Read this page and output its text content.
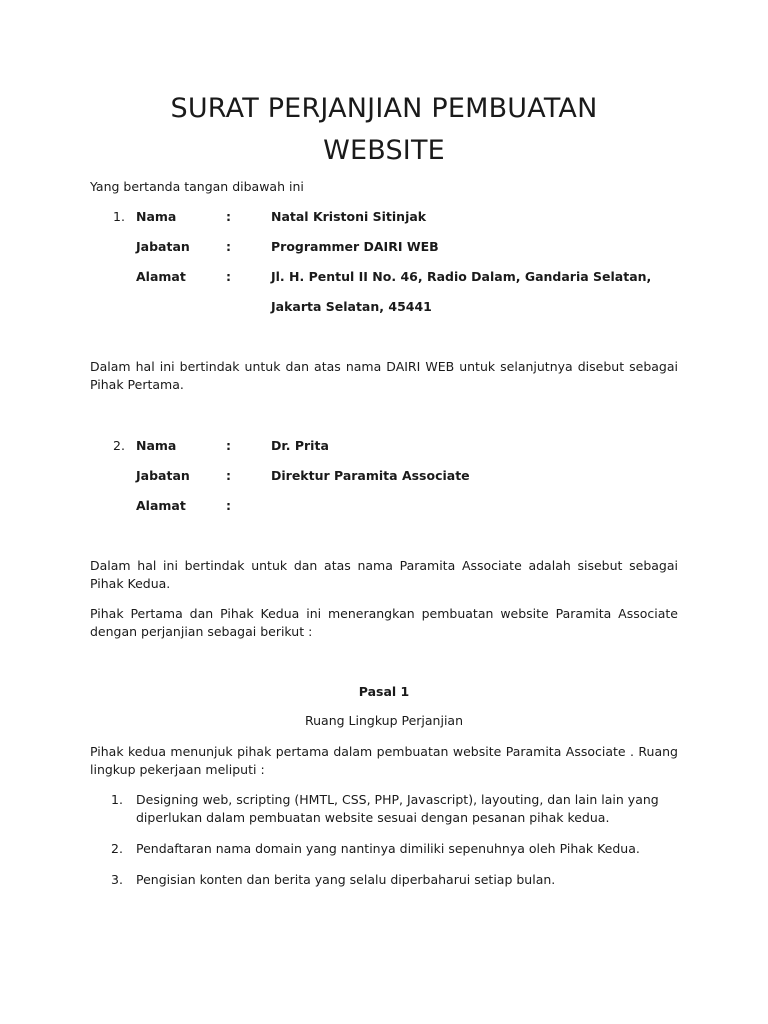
SURAT PERJANJIAN PEMBUATAN
WEBSITE
Yang bertanda tangan dibawah ini
1. Nama	:	Natal Kristoni Sitinjak
Jabatan	:	Programmer DAIRI WEB
Alamat	:	Jl. H. Pentul II No. 46, Radio Dalam, Gandaria Selatan,
Jakarta Selatan, 45441
Dalam hal ini bertindak untuk dan atas nama DAIRI WEB untuk selanjutnya disebut sebagai Pihak Pertama.
2. Nama	:	Dr. Prita
Jabatan	:	Direktur Paramita Associate
Alamat	:
Dalam hal ini bertindak untuk dan atas nama Paramita Associate adalah sisebut sebagai Pihak Kedua.
Pihak Pertama dan Pihak Kedua ini menerangkan pembuatan website Paramita Associate dengan perjanjian sebagai berikut :
Pasal 1
Ruang Lingkup Perjanjian
Pihak kedua menunjuk pihak pertama dalam pembuatan website Paramita Associate . Ruang lingkup pekerjaan meliputi :
1. Designing web, scripting (HMTL, CSS, PHP, Javascript), layouting, dan lain lain yang diperlukan dalam pembuatan website sesuai dengan pesanan pihak kedua.
2. Pendaftaran nama domain yang nantinya dimiliki sepenuhnya oleh Pihak Kedua.
3. Pengisian konten dan berita yang selalu diperbaharui setiap bulan.
